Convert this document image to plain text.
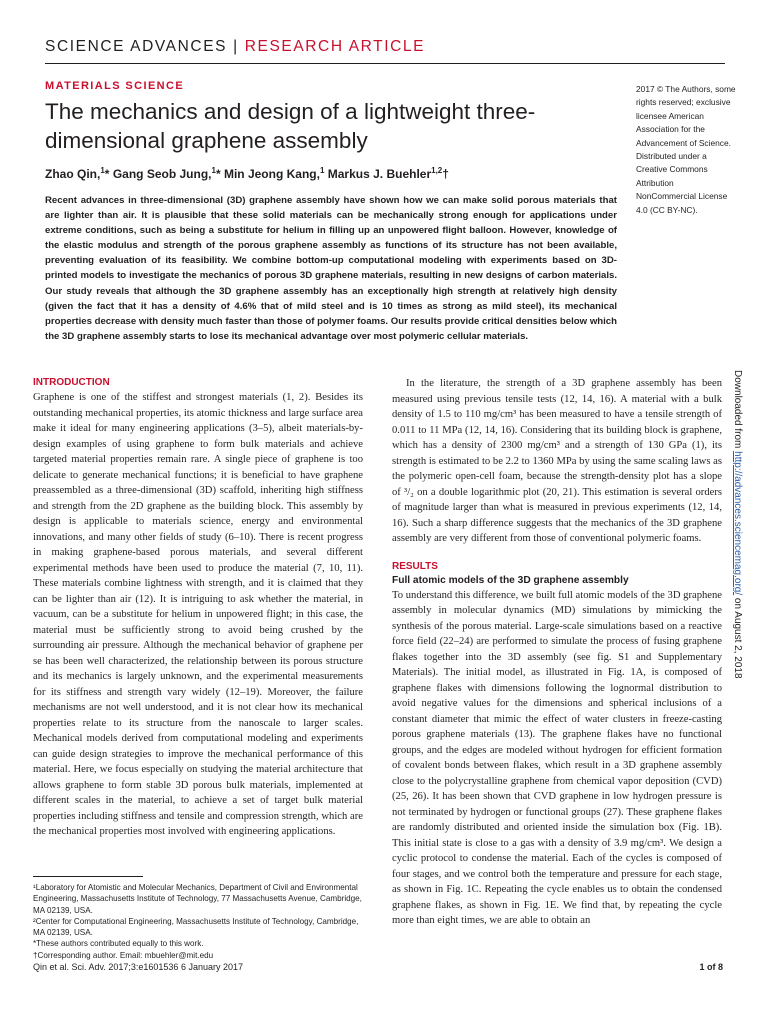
SCIENCE ADVANCES | RESEARCH ARTICLE
MATERIALS SCIENCE
The mechanics and design of a lightweight three-dimensional graphene assembly
Zhao Qin,$^1$* Gang Seob Jung,$^1$* Min Jeong Kang,$^1$ Markus J. Buehler$^{1,2}$†

Recent advances in three-dimensional (3D) graphene assembly have shown how we can make solid porous materials that are lighter than air. It is plausible that these solid materials can be mechanically strong enough for applications under extreme conditions, such as being a substitute for helium in filling up an unpowered flight balloon. However, knowledge of the elastic modulus and strength of the porous graphene assembly as functions of its structure has not been available, preventing evaluation of its feasibility. We combine bottom-up computational modeling with experiments based on 3D-printed models to investigate the mechanics of porous 3D graphene materials, resulting in new designs of carbon materials. Our study reveals that although the 3D graphene assembly has an exceptionally high strength at relatively high density (given the fact that it has a density of 4.6% that of mild steel and is 10 times as strong as mild steel), its mechanical properties decrease with density much faster than those of polymer foams. Our results provide critical densities below which the 3D graphene assembly starts to lose its mechanical advantage over most polymeric cellular materials.

2017 © The Authors, some rights reserved; exclusive licensee American Association for the Advancement of Science. Distributed under a Creative Commons Attribution NonCommercial License 4.0 (CC BY-NC).
INTRODUCTION

Graphene is one of the stiffest and strongest materials (1, 2). Besides its outstanding mechanical properties, its atomic thickness and large surface area make it ideal for many engineering applications (3–5), albeit materials-by-design examples of using graphene to form bulk materials and achieve targeted material properties remain rare. A single piece of graphene is too delicate to generate mechanical functions; it is beneficial to have graphene preassembled as a three-dimensional (3D) scaffold, inheriting high stiffness and strength from the 2D graphene as the building block. This assembly by design is applicable to materials science, energy and environmental innovations, and many other fields of study (6–10). There is recent progress in making graphene-based porous materials, and several different experimental methods have been used to produce the material (7, 10, 11). These materials combine lightness with strength, and it is claimed that they can be lighter than air (12). It is intriguing to ask whether the material, in vacuum, can be a substitute for helium in unpowered flight; in this case, the material must be sufficiently strong to avoid being crushed by the surrounding air pressure. Although the mechanical behavior of graphene per se has been well characterized, the relationship between its porous structure and its mechanics is largely unknown, and the experimental measurements for its stiffness and strength vary widely (12–19). Moreover, the failure mechanisms are not well understood, and it is not clear how its mechanical properties relate to its structure from the nanoscale to larger scales. Mechanical models derived from computational modeling and experiments can guide design strategies to improve the mechanical performance of this material. Here, we focus especially on studying the material architecture that allows graphene to form stable 3D porous bulk materials, implemented at different scales in the material, to achieve a set of target bulk material properties including stiffness and tensile and compression strength, which are the mechanical properties most involved with engineering applications.

In the literature, the strength of a 3D graphene assembly has been measured using previous tensile tests (12, 14, 16). A material with a bulk density of 1.5 to 110 mg/cm³ has been measured to have a tensile strength of 0.011 to 11 MPa (12, 14, 16). Considering that its building block is graphene, which has a density of 2300 mg/cm³ and a strength of 130 GPa (1), its strength is estimated to be 2.2 to 1360 MPa by using the same scaling laws as the polymeric open-cell foam, because the strength-density plot has a slope of ³/₂ on a double logarithmic plot (20, 21). This estimation is several orders of magnitude larger than what is measured in previous experiments (12, 14, 16). Such a sharp difference suggests that the mechanics of the 3D graphene assembly are very different from those of conventional polymeric foams.

RESULTS
Full atomic models of the 3D graphene assembly

To understand this difference, we built full atomic models of the 3D graphene assembly in molecular dynamics (MD) simulations by mimicking the synthesis of the porous material. Large-scale simulations based on a reactive force field (22–24) are performed to simulate the process of fusing graphene flakes together into the 3D assembly (see fig. S1 and Supplementary Materials). The initial model, as illustrated in Fig. 1A, is composed of graphene flakes with dimensions following the lognormal distribution to avoid negative values for the dimensions and spherical inclusions of a constant diameter that mimic the effect of water clusters in freeze-casting porous graphene materials (13). The graphene flakes have no functional groups, and the edges are modeled without hydrogen for efficient formation of covalent bonds between flakes, which result in a 3D graphene assembly close to the polycrystalline graphene from chemical vapor deposition (CVD) (25, 26). It has been shown that CVD graphene in low hydrogen pressure is not terminated by hydrogen or functional groups (27). These graphene flakes are randomly distributed and oriented inside the simulation box (Fig. 1B). This initial state is close to a gas with a density of 3.9 mg/cm³. We design a cyclic protocol to condense the material. Each of the cycles is composed of four stages, and we control both the temperature and pressure for each stage, as shown in Fig. 1C. Repeating the cycle enables us to obtain the condensed graphene flakes, as shown in Fig. 1E. We find that, by repeating the cycle more than eight times, we are able to obtain an

¹Laboratory for Atomistic and Molecular Mechanics, Department of Civil and Environmental Engineering, Massachusetts Institute of Technology, 77 Massachusetts Avenue, Cambridge, MA 02139, USA.

²Center for Computational Engineering, Massachusetts Institute of Technology, Cambridge, MA 02139, USA.

*These authors contributed equally to this work.

†Corresponding author. Email: mbuehler@mit.edu

Qin et al. Sci. Adv. 2017;3:e1601536 6 January 2017	1 of 8
Downloaded from http://advances.sciencemag.org/ on August 2, 2018
